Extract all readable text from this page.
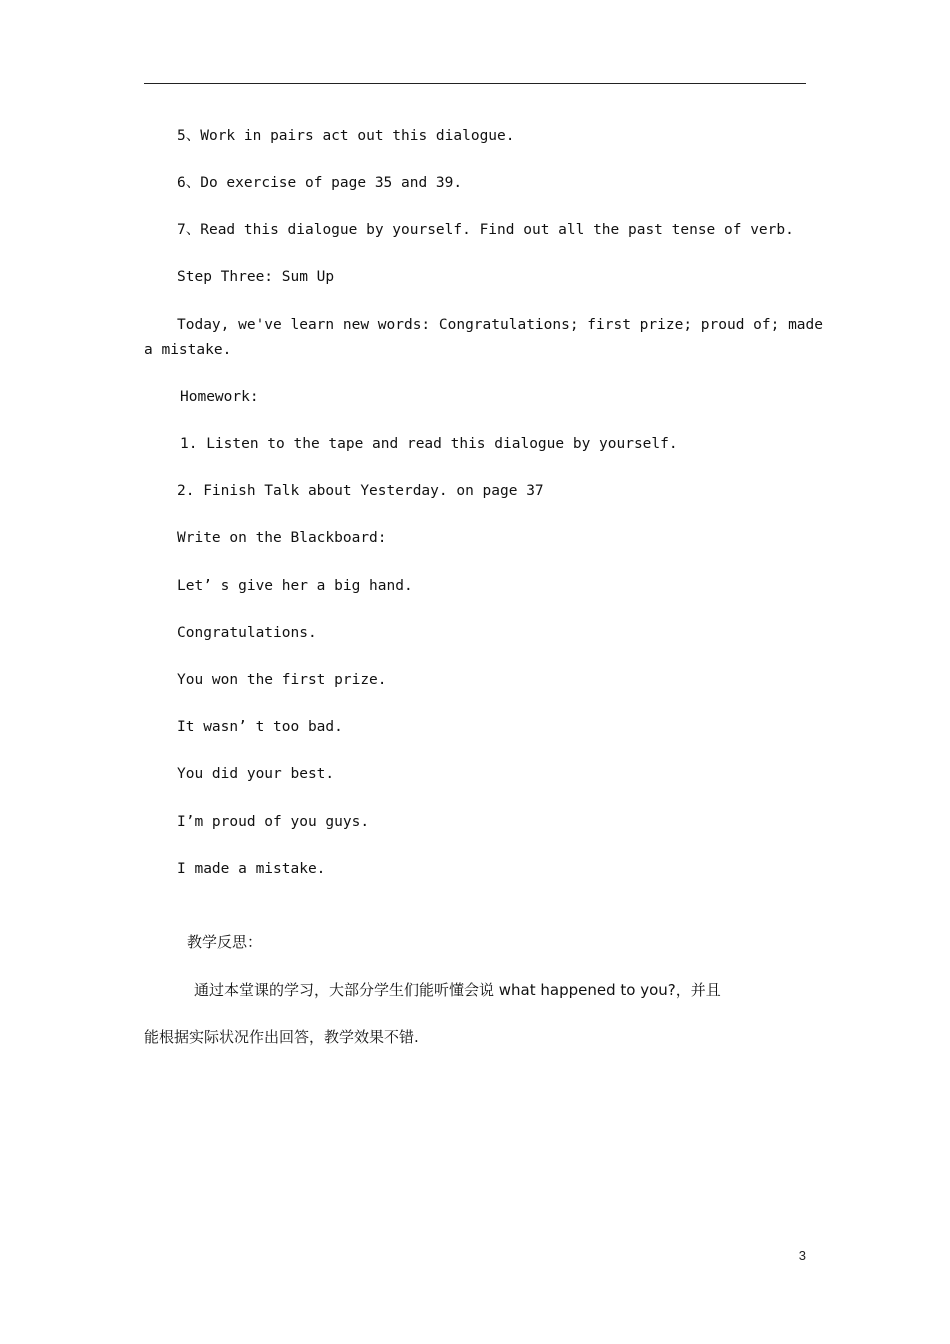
5、Work in pairs act out this dialogue.
6、Do exercise of page 35 and 39.
7、Read this dialogue by yourself. Find out all the past tense of verb.
Step Three: Sum Up
Today, we've learn new words: Congratulations; first prize; proud of; made
a mistake.
Homework:
1. Listen to the tape and read this dialogue by yourself.
2. Finish Talk about Yesterday. on page 37
Write on the Blackboard:
Let’ s give her a big hand.
Congratulations.
You won the first prize.
It wasn’ t too bad.
You did your best.
I’m proud of you guys.
I made a mistake.
教学反思：
通过本堂课的学习，大部分学生们能听懂会说 what happened to you?，并且
能根据实际状况作出回答，教学效果不错.
3
